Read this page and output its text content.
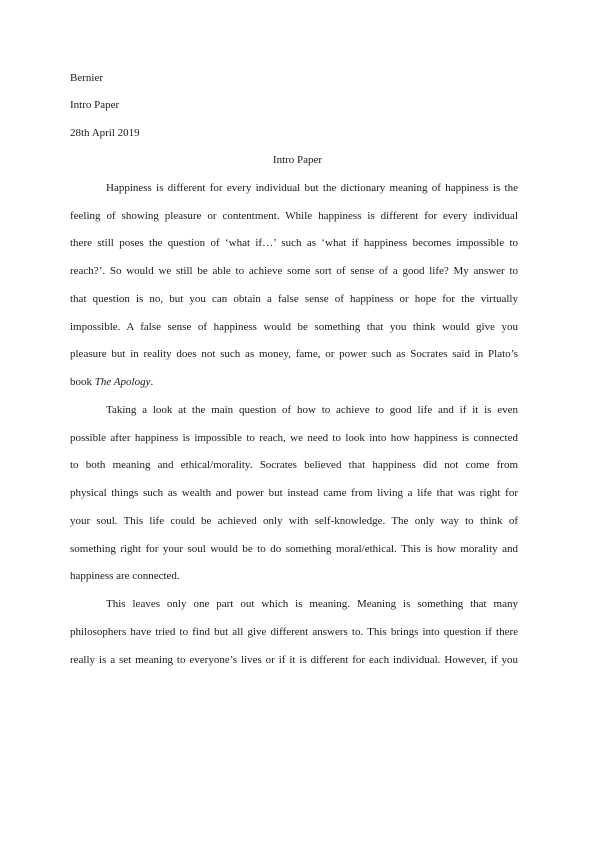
Bernier
Intro Paper
28th April 2019
Intro Paper
Happiness is different for every individual but the dictionary meaning of happiness is the
feeling of showing pleasure or contentment. While happiness is different for every individual
there still poses the question of ‘what if…’ such as ‘what if happiness becomes impossible to
reach?’. So would we still be able to achieve some sort of sense of a good life? My answer to
that question is no, but you can obtain a false sense of happiness or hope for the virtually
impossible. A false sense of happiness would be something that you think would give you
pleasure but in reality does not such as money, fame, or power such as Socrates said in Plato’s
book The Apology.
Taking a look at the main question of how to achieve to good life and if it is even
possible after happiness is impossible to reach, we need to look into how happiness is connected
to both meaning and ethical/morality. Socrates believed that happiness did not come from
physical things such as wealth and power but instead came from living a life that was right for
your soul. This life could be achieved only with self-knowledge. The only way to think of
something right for your soul would be to do something moral/ethical. This is how morality and
happiness are connected.
This leaves only one part out which is meaning. Meaning is something that many
philosophers have tried to find but all give different answers to. This brings into question if there
really is a set meaning to everyone’s lives or if it is different for each individual. However, if you
